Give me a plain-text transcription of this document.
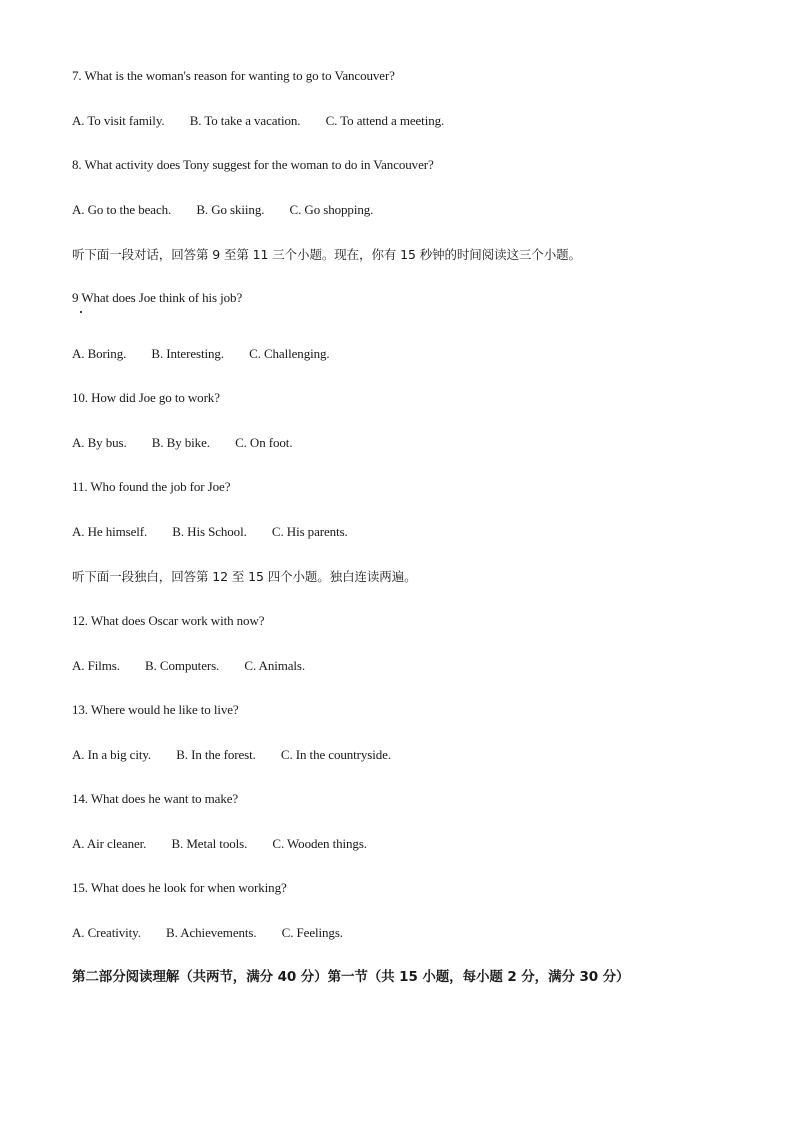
7. What is the woman's reason for wanting to go to Vancouver?
A. To visit family. B. To take a vacation. C. To attend a meeting.
8. What activity does Tony suggest for the woman to do in Vancouver?
A. Go to the beach. B. Go skiing. C. Go shopping.
听下面一段对话，回答第 9 至第 11 三个小题。现在，你有 15 秒钟的时间阅读这三个小题。
9 What does Joe think of his job?
A. Boring. B. Interesting. C. Challenging.
10. How did Joe go to work?
A. By bus. B. By bike. C. On foot.
11. Who found the job for Joe?
A. He himself. B. His School. C. His parents.
听下面一段独白，回答第 12 至 15 四个小题。独白连读两遍。
12. What does Oscar work with now?
A. Films. B. Computers. C. Animals.
13. Where would he like to live?
A. In a big city. B. In the forest. C. In the countryside.
14. What does he want to make?
A. Air cleaner. B. Metal tools. C. Wooden things.
15. What does he look for when working?
A. Creativity. B. Achievements. C. Feelings.
第二部分阅读理解（共两节，满分 40 分）第一节（共 15 小题，每小题 2 分，满分 30 分）
